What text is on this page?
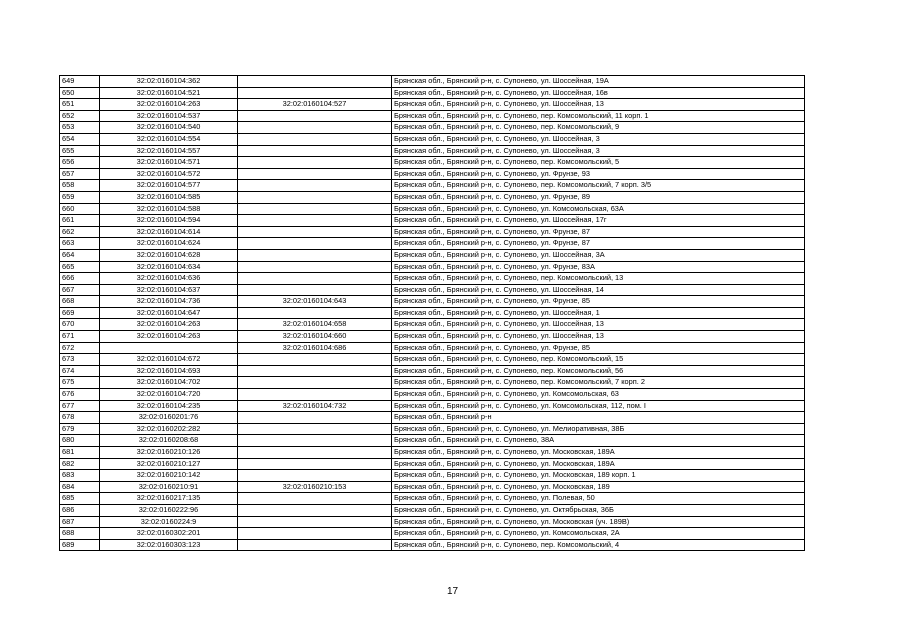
649	32:02:0160104:362		Брянская обл., Брянский р-н, с. Супонево, ул. Шоссейная, 19А
650	32:02:0160104:521		Брянская обл., Брянский р-н, с. Супонево, ул. Шоссейная, 16в
651	32:02:0160104:263	32:02:0160104:527	Брянская обл., Брянский р-н, с. Супонево, ул. Шоссейная, 13
652	32:02:0160104:537		Брянская обл., Брянский р-н, с. Супонево, пер. Комсомольский, 11 корп. 1
653	32:02:0160104:540		Брянская обл., Брянский р-н, с. Супонево, пер. Комсомольский, 9
654	32:02:0160104:554		Брянская обл., Брянский р-н, с. Супонево, ул. Шоссейная, 3
655	32:02:0160104:557		Брянская обл., Брянский р-н, с. Супонево, ул. Шоссейная, 3
656	32:02:0160104:571		Брянская обл., Брянский р-н, с. Супонево, пер. Комсомольский, 5
657	32:02:0160104:572		Брянская обл., Брянский р-н, с. Супонево, ул. Фрунзе, 93
658	32:02:0160104:577		Брянская обл., Брянский р-н, с. Супонево, пер. Комсомольский, 7 корп. 3/5
659	32:02:0160104:585		Брянская обл., Брянский р-н, с. Супонево, ул. Фрунзе, 89
660	32:02:0160104:588		Брянская обл., Брянский р-н, с. Супонево, ул. Комсомольская, 63А
661	32:02:0160104:594		Брянская обл., Брянский р-н, с. Супонево, ул. Шоссейная, 17г
662	32:02:0160104:614		Брянская обл., Брянский р-н, с. Супонево, ул. Фрунзе, 87
663	32:02:0160104:624		Брянская обл., Брянский р-н, с. Супонево, ул. Фрунзе, 87
664	32:02:0160104:628		Брянская обл., Брянский р-н, с. Супонево, ул. Шоссейная, 3А
665	32:02:0160104:634		Брянская обл., Брянский р-н, с. Супонево, ул. Фрунзе, 83А
666	32:02:0160104:636		Брянская обл., Брянский р-н, с. Супонево, пер. Комсомольский, 13
667	32:02:0160104:637		Брянская обл., Брянский р-н, с. Супонево, ул. Шоссейная, 14
668	32:02:0160104:736	32:02:0160104:643	Брянская обл., Брянский р-н, с. Супонево, ул. Фрунзе, 85
669	32:02:0160104:647		Брянская обл., Брянский р-н, с. Супонево, ул. Шоссейная, 1
670	32:02:0160104:263	32:02:0160104:658	Брянская обл., Брянский р-н, с. Супонево, ул. Шоссейная, 13
671	32:02:0160104:263	32:02:0160104:660	Брянская обл., Брянский р-н, с. Супонево, ул. Шоссейная, 13
672		32:02:0160104:686	Брянская обл., Брянский р-н, с. Супонево, ул. Фрунзе, 85
673	32:02:0160104:672		Брянская обл., Брянский р-н, с. Супонево, пер. Комсомольский, 15
674	32:02:0160104:693		Брянская обл., Брянский р-н, с. Супонево, пер. Комсомольский, 56
675	32:02:0160104:702		Брянская обл., Брянский р-н, с. Супонево, пер. Комсомольский, 7 корп. 2
676	32:02:0160104:720		Брянская обл., Брянский р-н, с. Супонево, ул. Комсомольская, 63
677	32:02:0160104:235	32:02:0160104:732	Брянская обл., Брянский р-н, с. Супонево, ул. Комсомольская, 112, пом. I
678	32:02:0160201:76		Брянская обл., Брянский р-н
679	32:02:0160202:282		Брянская обл., Брянский р-н, с. Супонево, ул. Мелиоративная, 38Б
680	32:02:0160208:68		Брянская обл., Брянский р-н, с. Супонево, 38А
681	32:02:0160210:126		Брянская обл., Брянский р-н, с. Супонево, ул. Московская, 189А
682	32:02:0160210:127		Брянская обл., Брянский р-н, с. Супонево, ул. Московская, 189А
683	32:02:0160210:142		Брянская обл., Брянский р-н, с. Супонево, ул. Московская, 189 корп. 1
684	32:02:0160210:91	32:02:0160210:153	Брянская обл., Брянский р-н, с. Супонево, ул. Московская, 189
685	32:02:0160217:135		Брянская обл., Брянский р-н, с. Супонево, ул. Полевая, 50
686	32:02:0160222:96		Брянская обл., Брянский р-н, с. Супонево, ул. Октябрьская, 36Б
687	32:02:0160224:9		Брянская обл., Брянский р-н, с. Супонево, ул. Московская (уч. 189В)
688	32:02:0160302:201		Брянская обл., Брянский р-н, с. Супонево, ул. Комсомольская, 2А
689	32:02:0160303:123		Брянская обл., Брянский р-н, с. Супонево, пер. Комсомольский, 4
17
